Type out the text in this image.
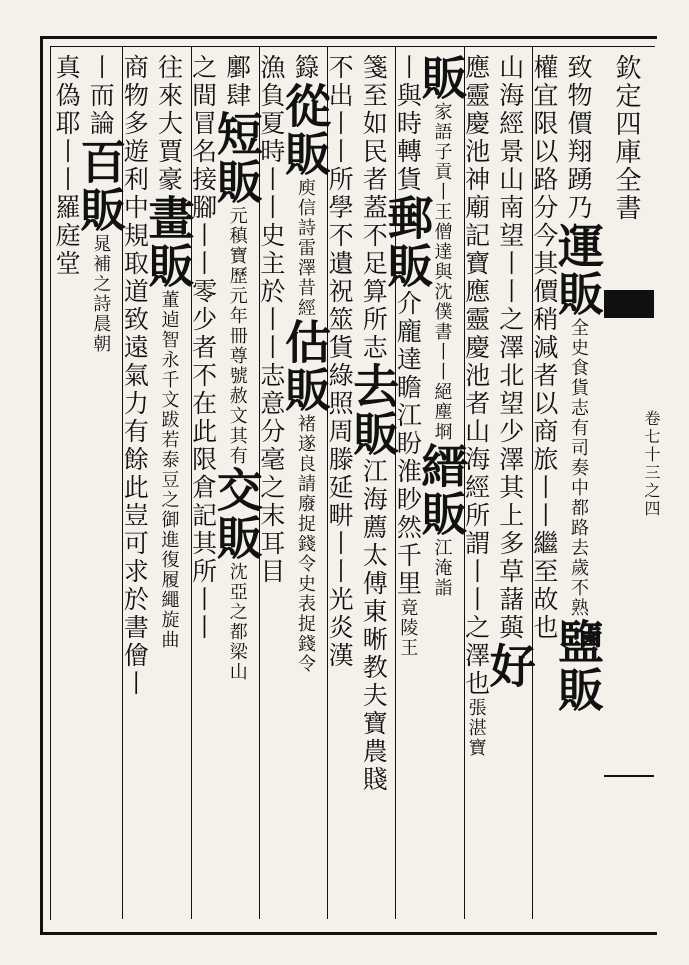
欽定四庫全書
卷七十三之四
致物價翔踴乃運販全史食貨志有司奏中都路去歲不熟鹽販
權宜限以路分今其價稍減者以商旅丨丨繼至故也
山海經景山南望丨丨之澤北望少澤其上多草藷藇好
應靈慶池神廟記寶應靈慶池者山海經所謂丨丨之澤也張湛寶
販家語子貢丨王僧達與沈僕書丨丨絕塵埛縉販江淹詣
丨與時轉貨郵販介龐達瞻江盼淮眇然千里竟陵王
箋至如民者蓋不足算所志去販江海薦太傅東晰教夫寶農賤
不出丨丨所學不遺祝筮貨綠照周滕延畊丨丨光炎漢
籙從販庾信詩雷澤昔經估販褚遂良請廢捉錢令史表捉錢令
漁負夏時丨丨史主於丨丨志意分毫之末耳目
鄽肆短販元稹寶歷元年冊尊號赦文其有交販沈亞之都梁山
之間冒名接腳丨丨零少者不在此限倉記其所丨丨
往來大賈豪畫販董逌智永千文跋若泰豆之御進復履繩旋曲
商物多遊利中規取道致遠氣力有餘此豈可求於書儈丨
丨而論百販晁補之詩晨朝
真偽耶丨丨羅庭堂
